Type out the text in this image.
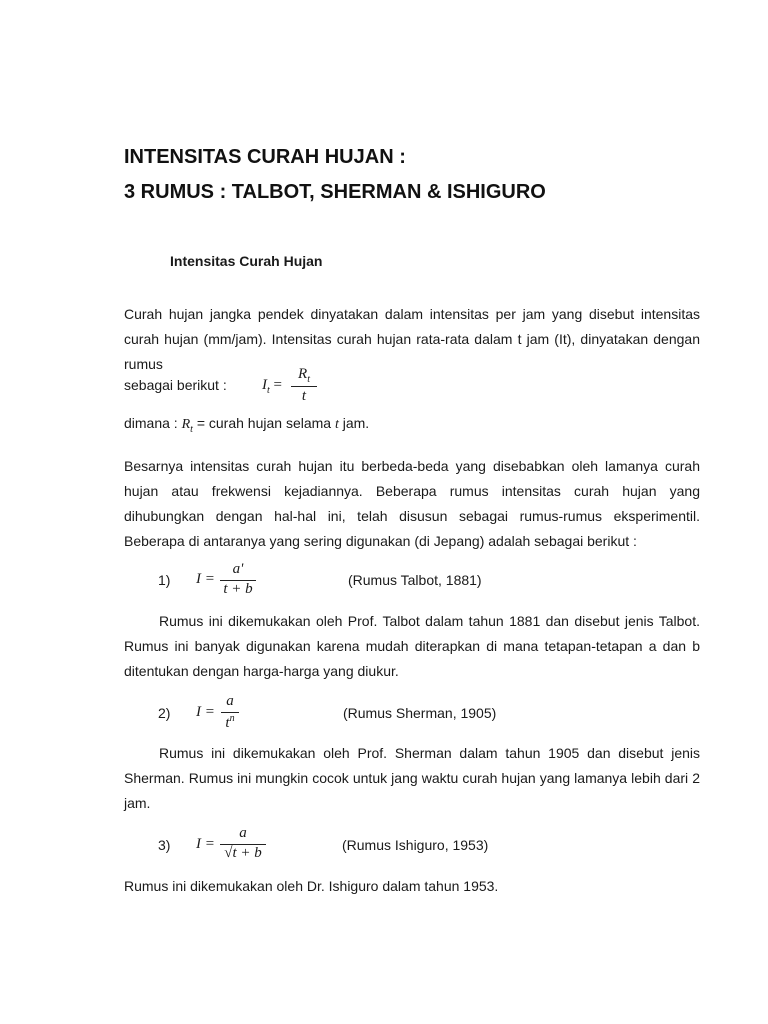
INTENSITAS CURAH HUJAN :
3 RUMUS : TALBOT, SHERMAN & ISHIGURO
Intensitas Curah Hujan
Curah hujan jangka pendek dinyatakan dalam intensitas per jam yang disebut intensitas curah hujan (mm/jam). Intensitas curah hujan rata-rata dalam t jam (It), dinyatakan dengan rumus
sebagai berikut : $I_t$ =
$R_t$
t
dimana : $R_t$ = curah hujan selama t jam.
Besarnya intensitas curah hujan itu berbeda-beda yang disebabkan oleh lamanya curah hujan atau frekwensi kejadiannya. Beberapa rumus intensitas curah hujan yang dihubungkan dengan hal-hal ini, telah disusun sebagai rumus-rumus eksperimentil. Beberapa di antaranya yang sering digunakan (di Jepang) adalah sebagai berikut :
1) I =
a'
t + b
(Rumus Talbot, 1881)
Rumus ini dikemukakan oleh Prof. Talbot dalam tahun 1881 dan disebut jenis Talbot. Rumus ini banyak digunakan karena mudah diterapkan di mana tetapan-tetapan a dan b ditentukan dengan harga-harga yang diukur.
2) I =
a
$t^n$	(Rumus Sherman, 1905)
Rumus ini dikemukakan oleh Prof. Sherman dalam tahun 1905 dan disebut jenis Sherman. Rumus ini mungkin cocok untuk jang waktu curah hujan yang lamanya lebih dari 2 jam.
3) I =
a
√t + b	(Rumus Ishiguro, 1953)
Rumus ini dikemukakan oleh Dr. Ishiguro dalam tahun 1953.
